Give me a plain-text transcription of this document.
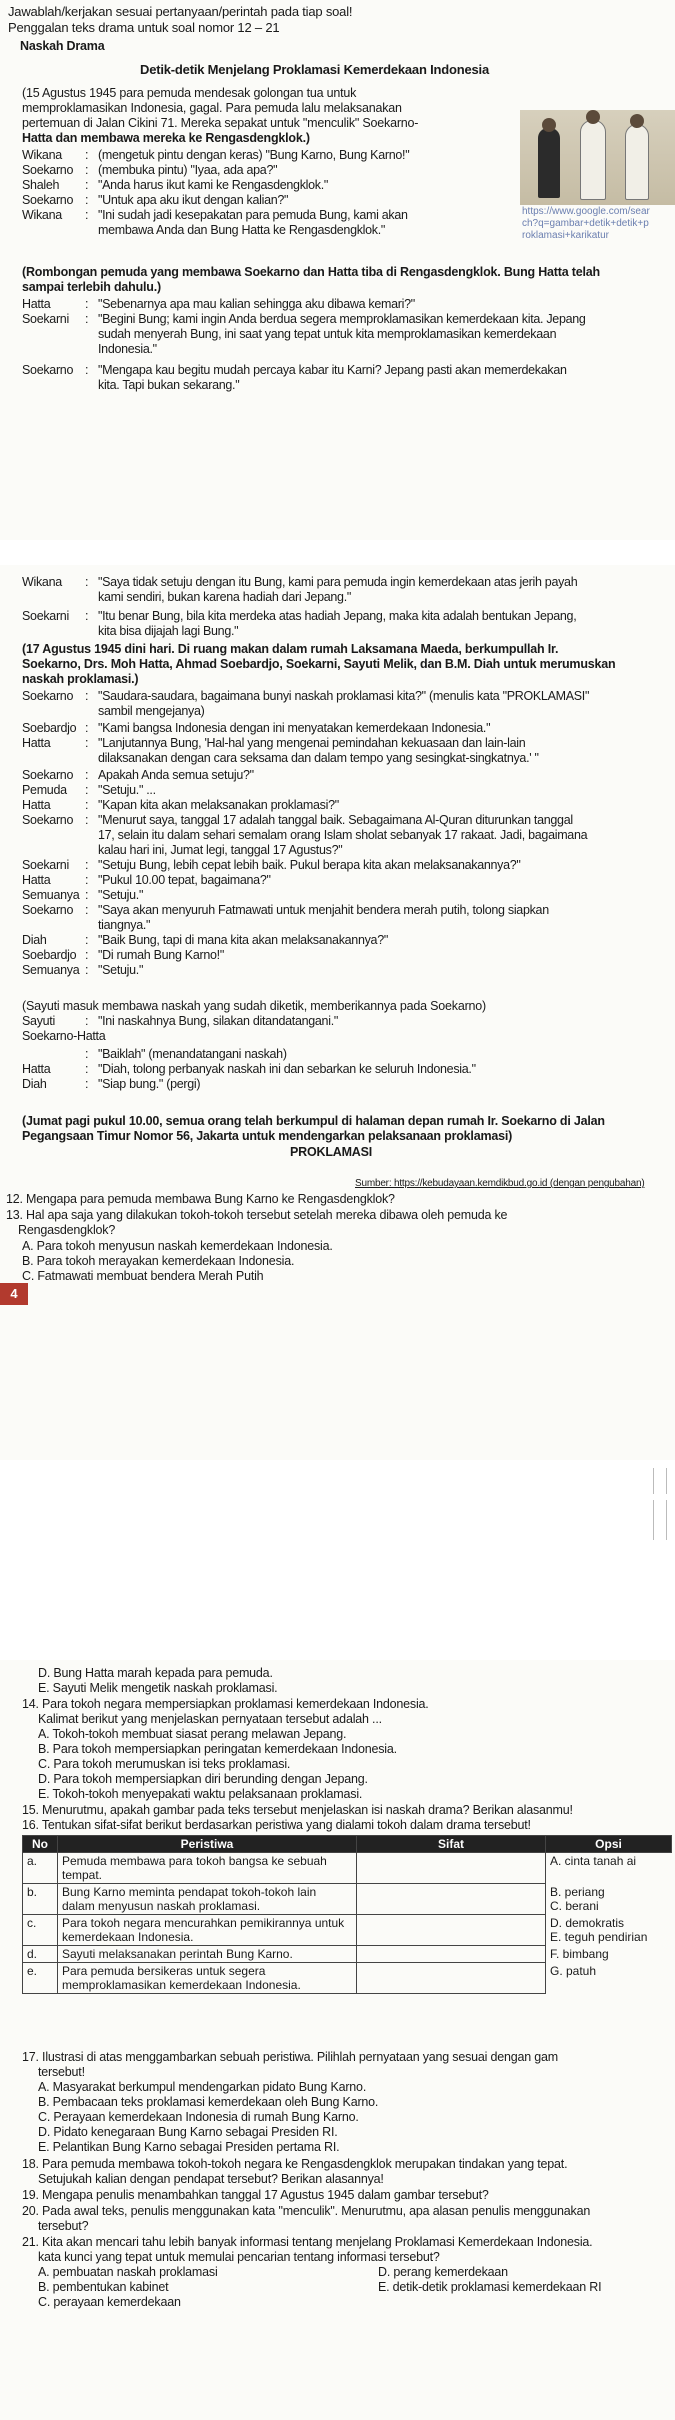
Jawablah/kerjakan sesuai pertanyaan/perintah pada tiap soal!
Penggalan teks drama untuk soal nomor 12 – 21
Naskah Drama
Detik-detik Menjelang Proklamasi Kemerdekaan Indonesia
(15 Agustus 1945 para pemuda mendesak golongan tua untuk
memproklamasikan Indonesia, gagal. Para pemuda lalu melaksanakan
pertemuan di Jalan Cikini 71. Mereka sepakat untuk "menculik" Soekarno-
Hatta dan membawa mereka ke Rengasdengklok.)
Wikana : (mengetuk pintu dengan keras) "Bung Karno, Bung Karno!"
Soekarno : (membuka pintu) "Iyaa, ada apa?"
Shaleh : "Anda harus ikut kami ke Rengasdengklok."
Soekarno : "Untuk apa aku ikut dengan kalian?"
Wikana : "Ini sudah jadi kesepakatan para pemuda Bung, kami akan
membawa Anda dan Bung Hatta ke Rengasdengklok."
https://www.google.com/sear
ch?q=gambar+detik+detik+p
roklamasi+karikatur
(Rombongan pemuda yang membawa Soekarno dan Hatta tiba di Rengasdengklok. Bung Hatta telah
sampai terlebih dahulu.)
Hatta	: "Sebenarnya apa mau kalian sehingga aku dibawa kemari?"
Soekarni : "Begini Bung; kami ingin Anda berdua segera memproklamasikan kemerdekaan kita. Jepang
sudah menyerah Bung, ini saat yang tepat untuk kita memproklamasikan kemerdekaan
Indonesia."
Soekarno : "Mengapa kau begitu mudah percaya kabar itu Karni? Jepang pasti akan memerdekakan
kita. Tapi bukan sekarang."
Wikana : "Saya tidak setuju dengan itu Bung, kami para pemuda ingin kemerdekaan atas jerih payah
kami sendiri, bukan karena hadiah dari Jepang."
Soekarni : "Itu benar Bung, bila kita merdeka atas hadiah Jepang, maka kita adalah bentukan Jepang,
kita bisa dijajah lagi Bung."
(17 Agustus 1945 dini hari. Di ruang makan dalam rumah Laksamana Maeda, berkumpullah Ir.
Soekarno, Drs. Moh Hatta, Ahmad Soebardjo, Soekarni, Sayuti Melik, dan B.M. Diah untuk merumuskan
naskah proklamasi.)
Soekarno : "Saudara-saudara, bagaimana bunyi naskah proklamasi kita?" (menulis kata "PROKLAMASI"
sambil mengejanya)
Soebardjo : "Kami bangsa Indonesia dengan ini menyatakan kemerdekaan Indonesia."
Hatta	: "Lanjutannya Bung, 'Hal-hal yang mengenai pemindahan kekuasaan dan lain-lain
dilaksanakan dengan cara seksama dan dalam tempo yang sesingkat-singkatnya.' "
Soekarno : Apakah Anda semua setuju?"
Pemuda : "Setuju." ...
Hatta	: "Kapan kita akan melaksanakan proklamasi?"
Soekarno : "Menurut saya, tanggal 17 adalah tanggal baik. Sebagaimana Al-Quran diturunkan tanggal
17, selain itu dalam sehari semalam orang Islam sholat sebanyak 17 rakaat. Jadi, bagaimana
kalau hari ini, Jumat legi, tanggal 17 Agustus?"
Soekarni : "Setuju Bung, lebih cepat lebih baik. Pukul berapa kita akan melaksanakannya?"
Hatta	: "Pukul 10.00 tepat, bagaimana?"
Semuanya : "Setuju."
Soekarno : "Saya akan menyuruh Fatmawati untuk menjahit bendera merah putih, tolong siapkan
tiangnya."
Diah	: "Baik Bung, tapi di mana kita akan melaksanakannya?"
Soebardjo : "Di rumah Bung Karno!"
Semuanya : "Setuju."
(Sayuti masuk membawa naskah yang sudah diketik, memberikannya pada Soekarno)
Sayuti : "Ini naskahnya Bung, silakan ditandatangani."
Soekarno-Hatta
: "Baiklah" (menandatangani naskah)
Hatta	: "Diah, tolong perbanyak naskah ini dan sebarkan ke seluruh Indonesia."
Diah	: "Siap bung." (pergi)
(Jumat pagi pukul 10.00, semua orang telah berkumpul di halaman depan rumah Ir. Soekarno di Jalan
Pegangsaan Timur Nomor 56, Jakarta untuk mendengarkan pelaksanaan proklamasi)
PROKLAMASI
Sumber: https://kebudayaan.kemdikbud.go.id (dengan pengubahan)
12. Mengapa para pemuda membawa Bung Karno ke Rengasdengklok?
13. Hal apa saja yang dilakukan tokoh-tokoh tersebut setelah mereka dibawa oleh pemuda ke
Rengasdengklok?
A. Para tokoh menyusun naskah kemerdekaan Indonesia.
B. Para tokoh merayakan kemerdekaan Indonesia.
C. Fatmawati membuat bendera Merah Putih
4
D. Bung Hatta marah kepada para pemuda.
E. Sayuti Melik mengetik naskah proklamasi.
14. Para tokoh negara mempersiapkan proklamasi kemerdekaan Indonesia.
Kalimat berikut yang menjelaskan pernyataan tersebut adalah ...
A. Tokoh-tokoh membuat siasat perang melawan Jepang.
B. Para tokoh mempersiapkan peringatan kemerdekaan Indonesia.
C. Para tokoh merumuskan isi teks proklamasi.
D. Para tokoh mempersiapkan diri berunding dengan Jepang.
E. Tokoh-tokoh menyepakati waktu pelaksanaan proklamasi.
15. Menurutmu, apakah gambar pada teks tersebut menjelaskan isi naskah drama? Berikan alasanmu!
16. Tentukan sifat-sifat berikut berdasarkan peristiwa yang dialami tokoh dalam drama tersebut!
No	Peristiwa	Sifat	Opsi
a.	Pemuda membawa para tokoh bangsa ke sebuah tempat.		A. cinta tanah ai
b.	Bung Karno meminta pendapat tokoh-tokoh lain dalam menyusun naskah proklamasi.		B. periang
C. berani

c.	Para tokoh negara mencurahkan pemikirannya untuk kemerdekaan Indonesia.		D. demokratis
E. teguh pendirian

d.	Sayuti melaksanakan perintah Bung Karno.		F. bimbang
e.	Para pemuda bersikeras untuk segera memproklamasikan kemerdekaan Indonesia.		G. patuh
17. Ilustrasi di atas menggambarkan sebuah peristiwa. Pilihlah pernyataan yang sesuai dengan gam
tersebut!
A. Masyarakat berkumpul mendengarkan pidato Bung Karno.
B. Pembacaan teks proklamasi kemerdekaan oleh Bung Karno.
C. Perayaan kemerdekaan Indonesia di rumah Bung Karno.
D. Pidato kenegaraan Bung Karno sebagai Presiden RI.
E. Pelantikan Bung Karno sebagai Presiden pertama RI.
18. Para pemuda membawa tokoh-tokoh negara ke Rengasdengklok merupakan tindakan yang tepat.
Setujukah kalian dengan pendapat tersebut? Berikan alasannya!
19. Mengapa penulis menambahkan tanggal 17 Agustus 1945 dalam gambar tersebut?
20. Pada awal teks, penulis menggunakan kata "menculik". Menurutmu, apa alasan penulis menggunakan
tersebut?
21. Kita akan mencari tahu lebih banyak informasi tentang menjelang Proklamasi Kemerdekaan Indonesia.
kata kunci yang tepat untuk memulai pencarian tentang informasi tersebut?
A. pembuatan naskah proklamasi	D. perang kemerdekaan
B. pembentukan kabinet	E. detik-detik proklamasi kemerdekaan RI
C. perayaan kemerdekaan
